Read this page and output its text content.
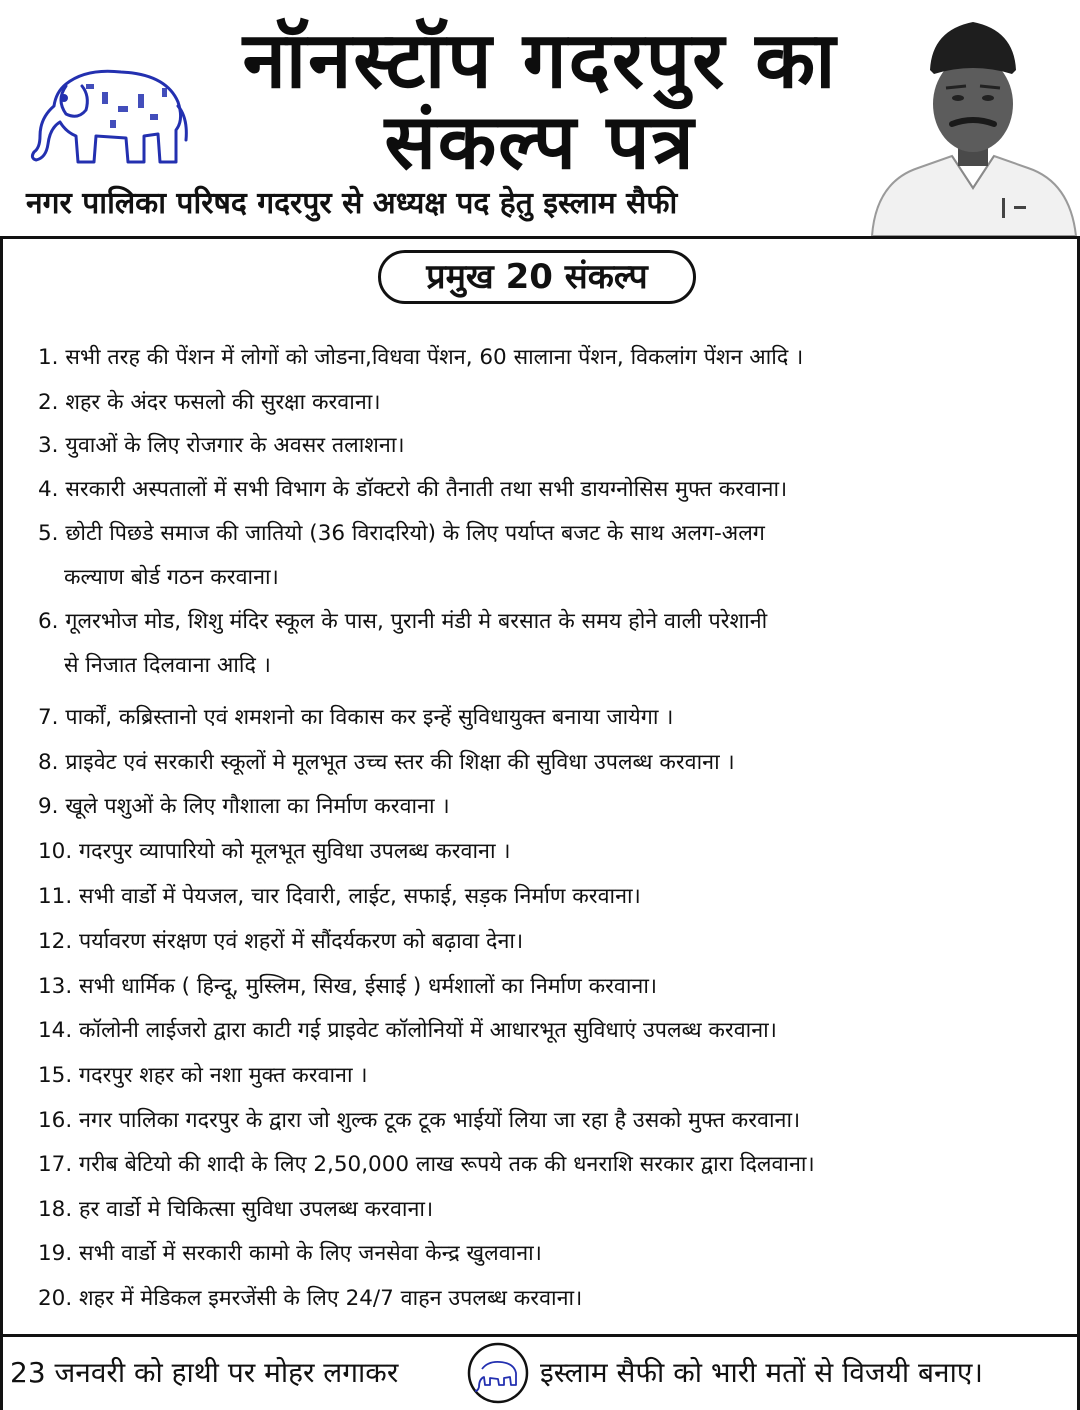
नॉनस्टॉप गदरपुर का
संकल्प पत्र
नगर पालिका परिषद गदरपुर से अध्यक्ष पद हेतु इस्लाम सैफी
प्रमुख 20 संकल्प
1. सभी तरह की पेंशन में लोगों को जोडना,विधवा पेंशन, 60 सालाना पेंशन, विकलांग पेंशन आदि ।
2. शहर के अंदर फसलो की सुरक्षा करवाना।
3. युवाओं के लिए रोजगार के अवसर तलाशना।
4. सरकारी अस्पतालों में सभी विभाग के डॉक्टरो की तैनाती तथा सभी डायग्नोसिस मुफ्त करवाना।
5. छोटी पिछडे समाज की जातियो (36 विरादरियो) के लिए पर्याप्त बजट के साथ अलग-अलग
कल्याण बोर्ड गठन करवाना।
6. गूलरभोज मोड, शिशु मंदिर स्कूल के पास, पुरानी मंडी मे बरसात के समय होने वाली परेशानी
से निजात दिलवाना आदि ।
7. पार्कों, कब्रिस्तानो एवं शमशनो का विकास कर इन्हें सुविधायुक्त बनाया जायेगा ।
8. प्राइवेट एवं सरकारी स्कूलों मे मूलभूत उच्च स्तर की शिक्षा की सुविधा उपलब्ध करवाना ।
9. खूले पशुओं के लिए गौशाला का निर्माण करवाना ।
10. गदरपुर व्यापारियो को मूलभूत सुविधा उपलब्ध करवाना ।
11. सभी वार्डो में पेयजल, चार दिवारी, लाईट, सफाई, सड़क निर्माण करवाना।
12. पर्यावरण संरक्षण एवं शहरों में सौंदर्यकरण को बढ़ावा देना।
13. सभी धार्मिक ( हिन्दू, मुस्लिम, सिख, ईसाई ) धर्मशालों का निर्माण करवाना।
14. कॉलोनी लाईजरो द्वारा काटी गई प्राइवेट कॉलोनियों में आधारभूत सुविधाएं उपलब्ध करवाना।
15. गदरपुर शहर को नशा मुक्त करवाना ।
16. नगर पालिका गदरपुर के द्वारा जो शुल्क टूक टूक भाईयों लिया जा रहा है उसको मुफ्त करवाना।
17. गरीब बेटियो की शादी के लिए 2,50,000 लाख रूपये तक की धनराशि सरकार द्वारा दिलवाना।
18. हर वार्डो मे चिकित्सा सुविधा उपलब्ध करवाना।
19. सभी वार्डो में सरकारी कामो के लिए जनसेवा केन्द्र खुलवाना।
20. शहर में मेडिकल इमरजेंसी के लिए 24/7 वाहन उपलब्ध करवाना।
23 जनवरी को हाथी पर मोहर लगाकर	इस्लाम सैफी को भारी मतों से विजयी बनाए।
